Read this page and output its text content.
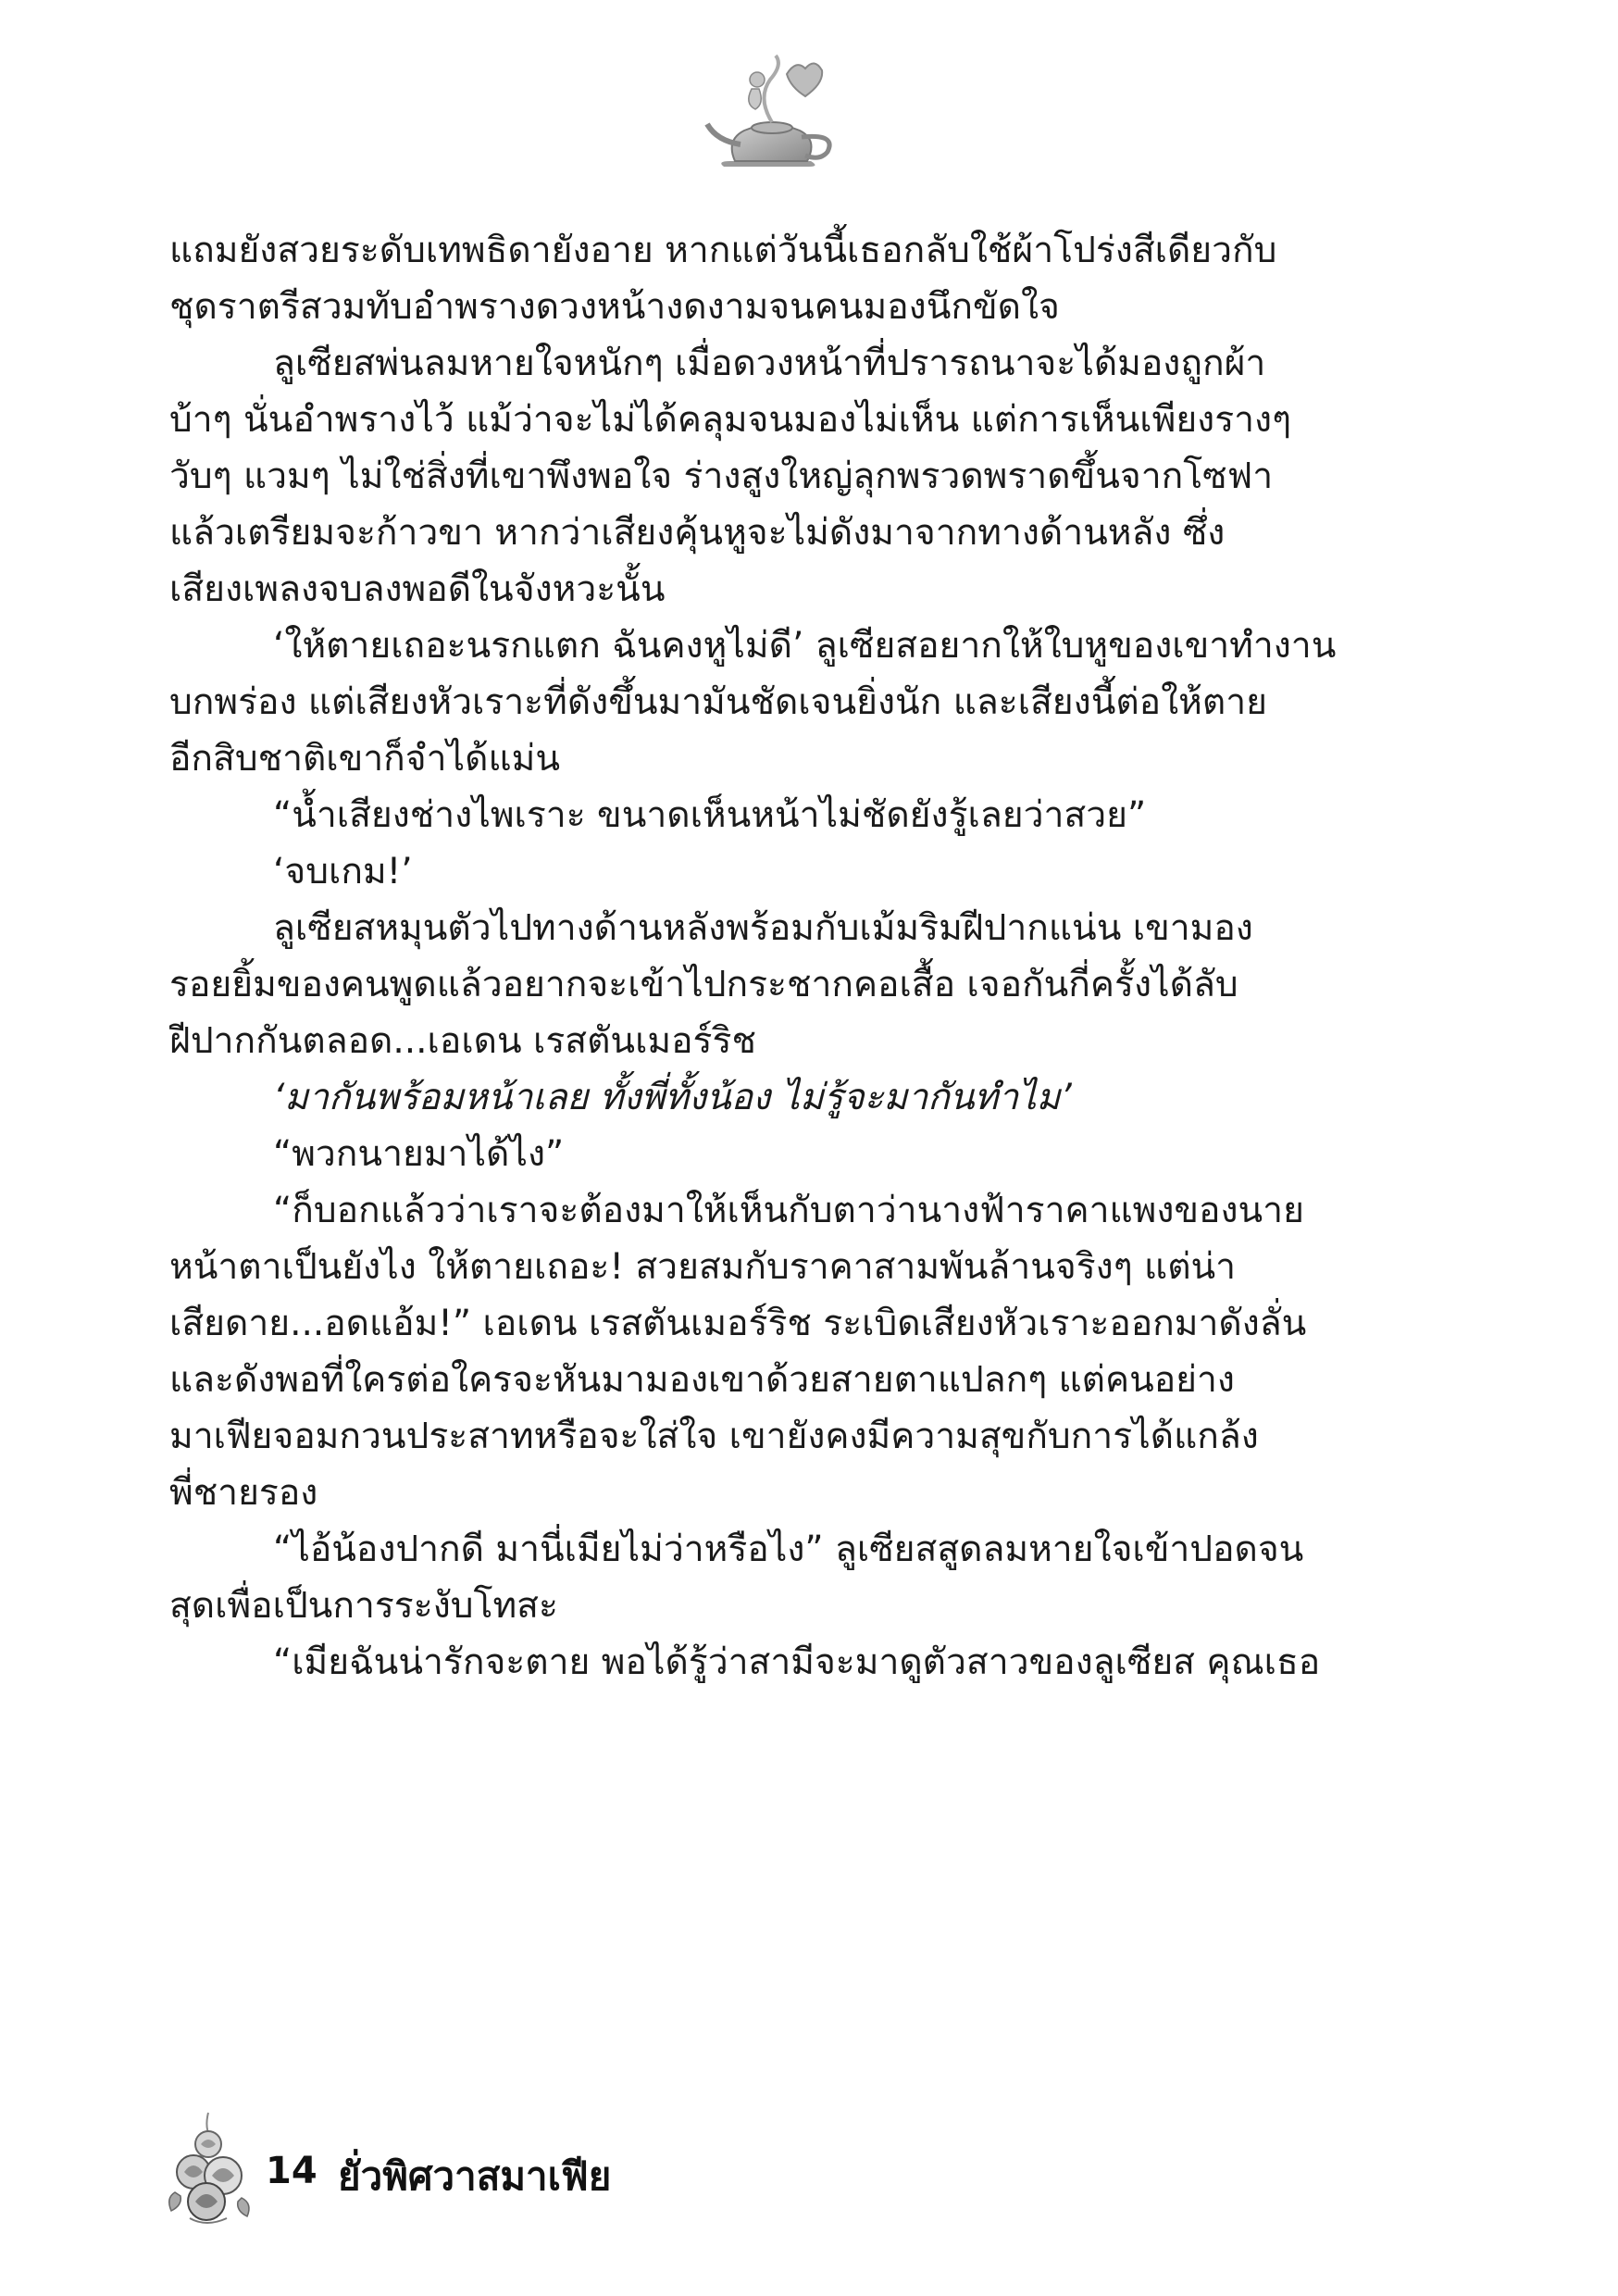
แถมยังสวยระดับเทพธิดายังอาย หากแต่วันนี้เธอกลับใช้ผ้าโปร่งสีเดียวกับ
ชุดราตรีสวมทับอำพรางดวงหน้างดงามจนคนมองนึกขัดใจ
ลูเซียสพ่นลมหายใจหนักๆ เมื่อดวงหน้าที่ปรารถนาจะได้มองถูกผ้า
บ้าๆ นั่นอำพรางไว้ แม้ว่าจะไม่ได้คลุมจนมองไม่เห็น แต่การเห็นเพียงรางๆ
วับๆ แวมๆ ไม่ใช่สิ่งที่เขาพึงพอใจ ร่างสูงใหญ่ลุกพรวดพราดขึ้นจากโซฟา
แล้วเตรียมจะก้าวขา หากว่าเสียงคุ้นหูจะไม่ดังมาจากทางด้านหลัง ซึ่ง
เสียงเพลงจบลงพอดีในจังหวะนั้น
‘ให้ตายเถอะนรกแตก ฉันคงหูไม่ดี’ ลูเซียสอยากให้ใบหูของเขาทำงาน
บกพร่อง แต่เสียงหัวเราะที่ดังขึ้นมามันชัดเจนยิ่งนัก และเสียงนี้ต่อให้ตาย
อีกสิบชาติเขาก็จำได้แม่น
“น้ำเสียงช่างไพเราะ ขนาดเห็นหน้าไม่ชัดยังรู้เลยว่าสวย”
‘จบเกม!’
ลูเซียสหมุนตัวไปทางด้านหลังพร้อมกับเม้มริมฝีปากแน่น เขามอง
รอยยิ้มของคนพูดแล้วอยากจะเข้าไปกระชากคอเสื้อ เจอกันกี่ครั้งได้ลับ
ฝีปากกันตลอด...เอเดน เรสตันเมอร์ริช
‘มากันพร้อมหน้าเลย ทั้งพี่ทั้งน้อง ไม่รู้จะมากันทำไม’
“พวกนายมาได้ไง”
“ก็บอกแล้วว่าเราจะต้องมาให้เห็นกับตาว่านางฟ้าราคาแพงของนาย
หน้าตาเป็นยังไง ให้ตายเถอะ! สวยสมกับราคาสามพันล้านจริงๆ แต่น่า
เสียดาย...อดแอ้ม!” เอเดน เรสตันเมอร์ริช ระเบิดเสียงหัวเราะออกมาดังลั่น
และดังพอที่ใครต่อใครจะหันมามองเขาด้วยสายตาแปลกๆ แต่คนอย่าง
มาเฟียจอมกวนประสาทหรือจะใส่ใจ เขายังคงมีความสุขกับการได้แกล้ง
พี่ชายรอง
“ไอ้น้องปากดี มานี่เมียไม่ว่าหรือไง” ลูเซียสสูดลมหายใจเข้าปอดจน
สุดเพื่อเป็นการระงับโทสะ
“เมียฉันน่ารักจะตาย พอได้รู้ว่าสามีจะมาดูตัวสาวของลูเซียส คุณเธอ
14 ยั่วพิศวาสมาเฟีย
